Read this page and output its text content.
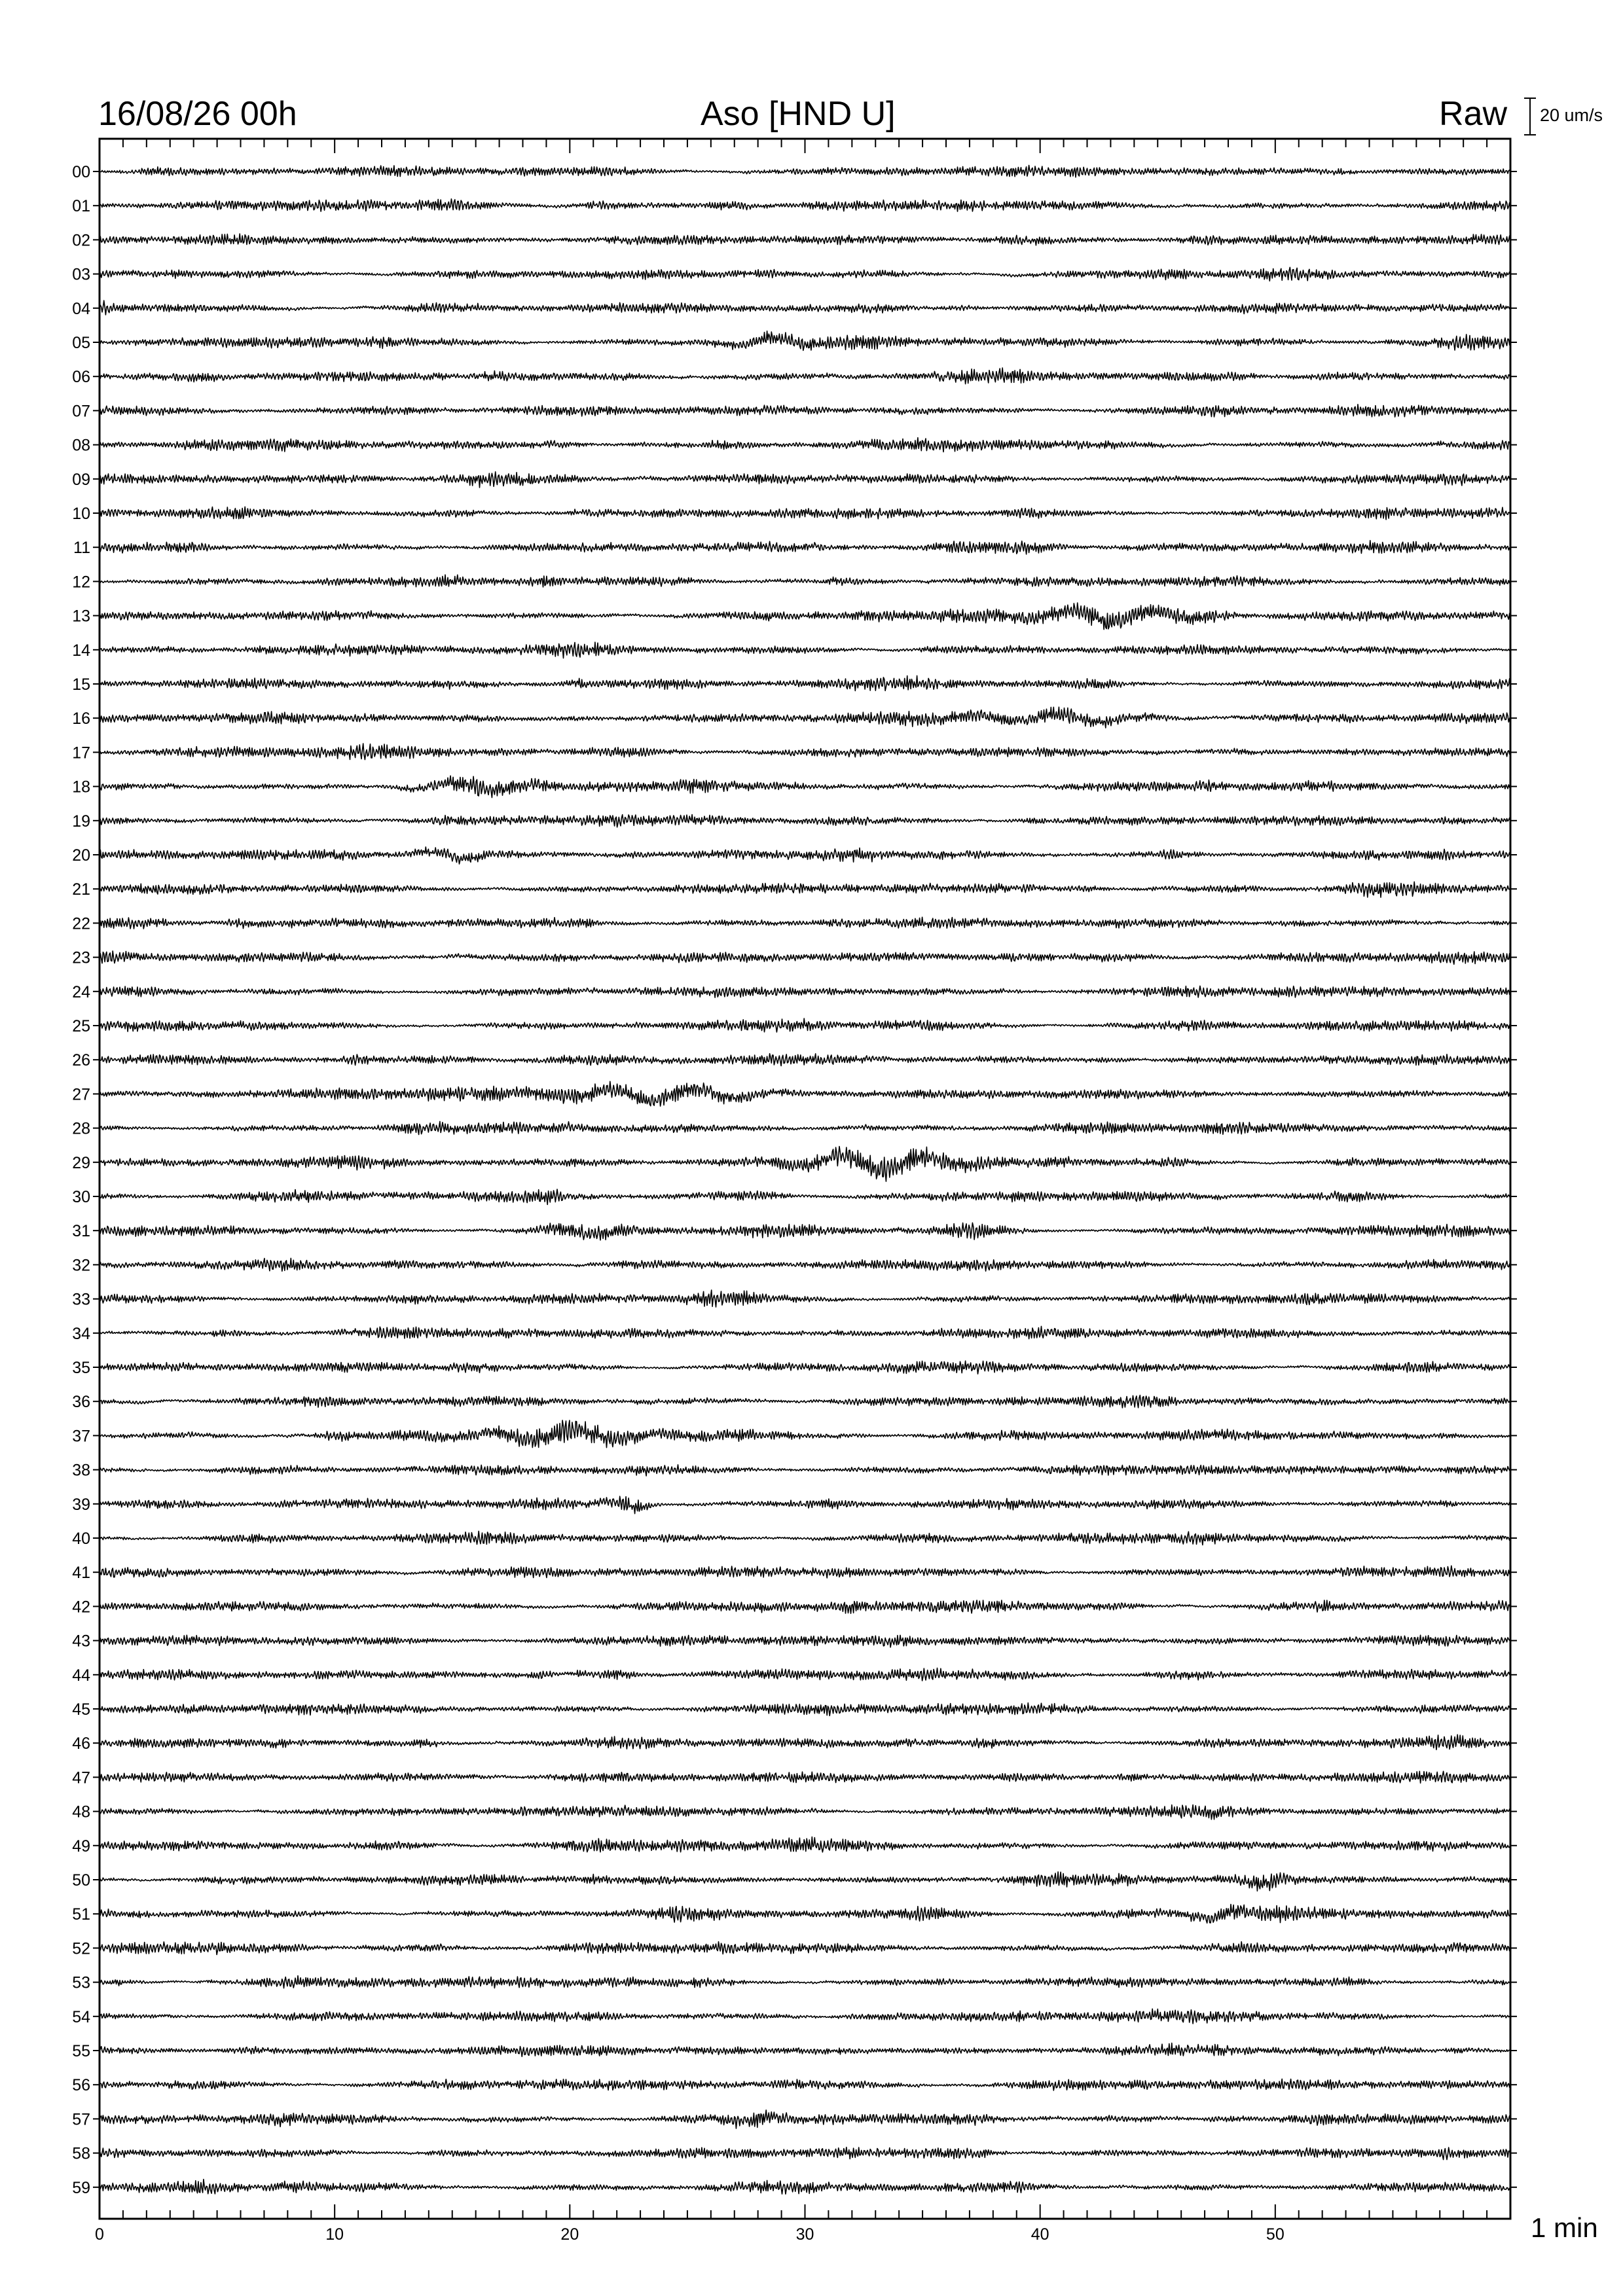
16/08/26 00h	Aso [HND U]	Raw 20 um/s
1 min
0	10	20	30	40	50
00
01
02
03
04
05
06
07
08
09
10
11
12
13
14
15
16
17
18
19
20
21
22
23
24
25
26
27
28
29
30
31
32
33
34
35
36
37
38
39
40
41
42
43
44
45
46
47
48
49
50
51
52
53
54
55
56
57
58
59
